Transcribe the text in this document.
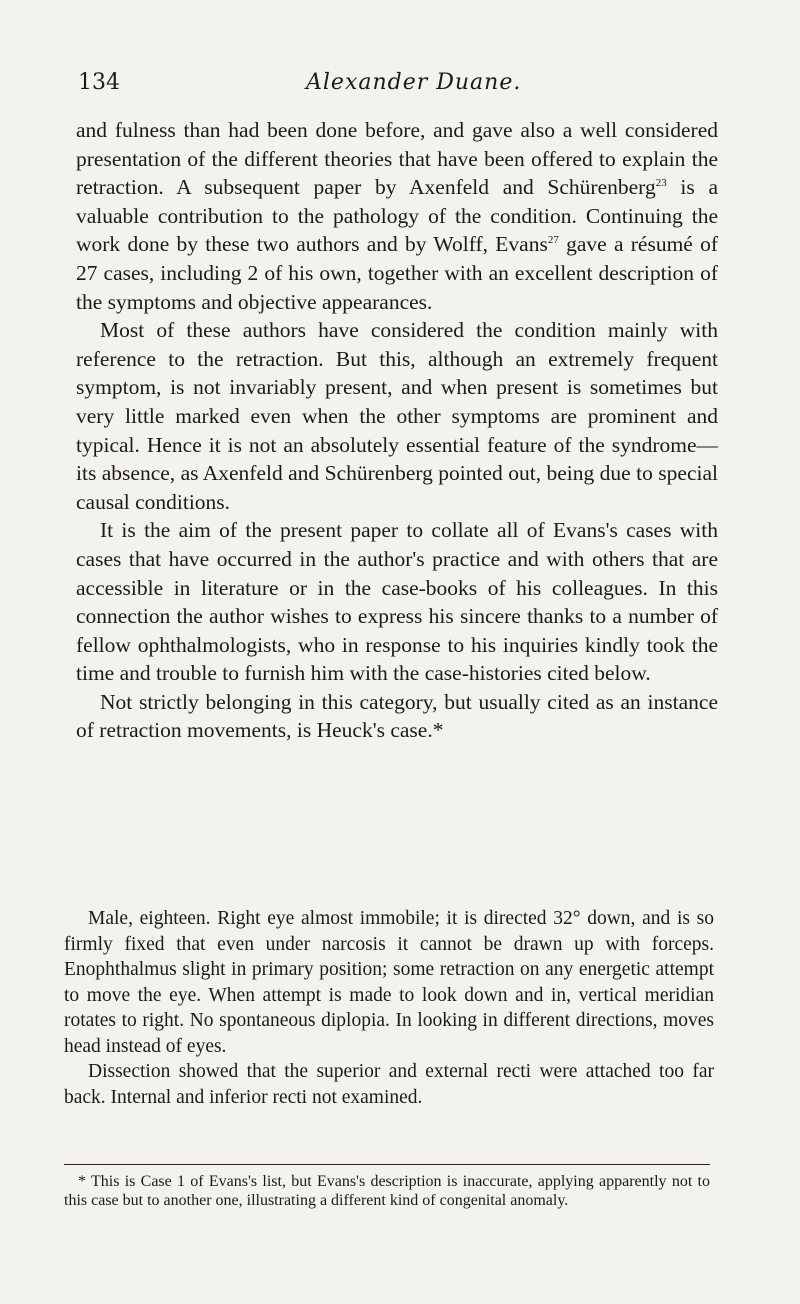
134	Alexander Duane.

and fulness than had been done before, and gave also a well considered presentation of the different theories that have been offered to explain the retraction. A subsequent paper by Axenfeld and Schürenberg$^{23}$ is a valuable contribution to the pathology of the condition. Continuing the work done by these two authors and by Wolff, Evans$^{27}$ gave a résumé of 27 cases, including 2 of his own, together with an excellent description of the symptoms and objective appearances.

Most of these authors have considered the condition mainly with reference to the retraction. But this, although an extremely frequent symptom, is not invariably present, and when present is sometimes but very little marked even when the other symptoms are prominent and typical. Hence it is not an absolutely essential feature of the syndrome—its absence, as Axenfeld and Schürenberg pointed out, being due to special causal conditions.

It is the aim of the present paper to collate all of Evans's cases with cases that have occurred in the author's practice and with others that are accessible in literature or in the case-books of his colleagues. In this connection the author wishes to express his sincere thanks to a number of fellow ophthalmologists, who in response to his inquiries kindly took the time and trouble to furnish him with the case-histories cited below.

Not strictly belonging in this category, but usually cited as an instance of retraction movements, is Heuck's case.*

Male, eighteen. Right eye almost immobile; it is directed 32° down, and is so firmly fixed that even under narcosis it cannot be drawn up with forceps. Enophthalmus slight in primary position; some retraction on any energetic attempt to move the eye. When attempt is made to look down and in, vertical meridian rotates to right. No spontaneous diplopia. In looking in different directions, moves head instead of eyes.

Dissection showed that the superior and external recti were attached too far back. Internal and inferior recti not examined.

* This is Case 1 of Evans's list, but Evans's description is inaccurate, applying apparently not to this case but to another one, illustrating a different kind of congenital anomaly.
